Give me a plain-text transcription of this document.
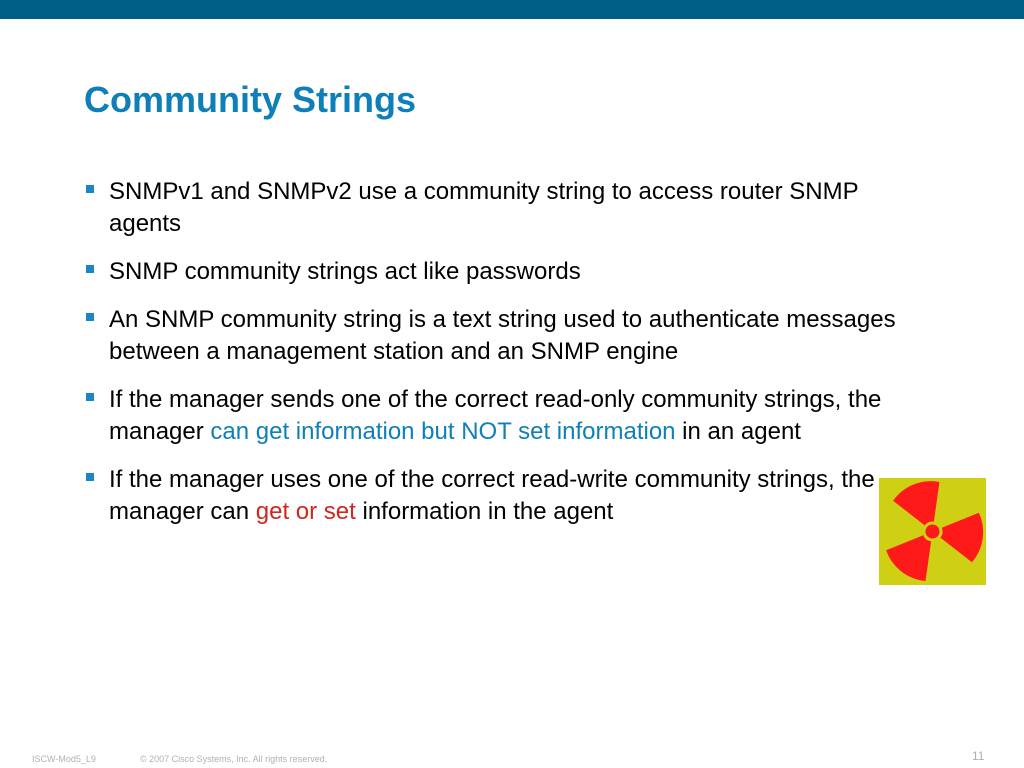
Community Strings
SNMPv1 and SNMPv2 use a community string to access router SNMP agents
SNMP community strings act like passwords
An SNMP community string is a text string used to authenticate messages between a management station and an SNMP engine
If the manager sends one of the correct read-only community strings, the manager can get information but NOT set information in an agent
If the manager uses one of the correct read-write community strings, the manager can get or set information in the agent
ISCW-Mod5_L9	© 2007 Cisco Systems, Inc. All rights reserved.	11
